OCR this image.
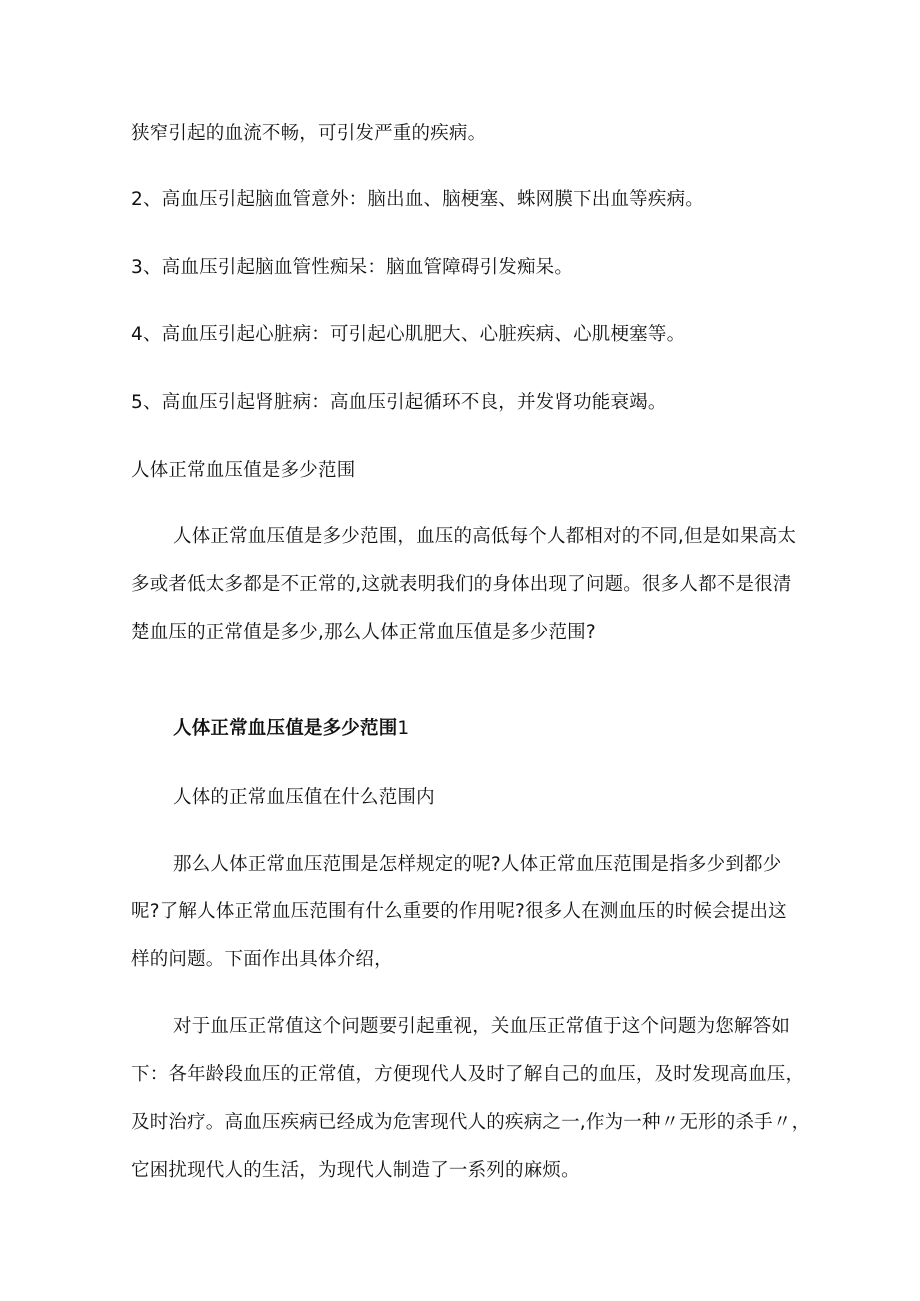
狭窄引起的血流不畅，可引发严重的疾病。
2、高血压引起脑血管意外：脑出血、脑梗塞、蛛网膜下出血等疾病。
3、高血压引起脑血管性痴呆：脑血管障碍引发痴呆。
4、高血压引起心脏病：可引起心肌肥大、心脏疾病、心肌梗塞等。
5、高血压引起肾脏病：高血压引起循环不良，并发肾功能衰竭。
人体正常血压值是多少范围
人体正常血压值是多少范围，血压的高低每个人都相对的不同,但是如果高太
多或者低太多都是不正常的,这就表明我们的身体出现了问题。很多人都不是很清
楚血压的正常值是多少,那么人体正常血压值是多少范围?
人体正常血压值是多少范围1
人体的正常血压值在什么范围内
那么人体正常血压范围是怎样规定的呢?人体正常血压范围是指多少到都少
呢?了解人体正常血压范围有什么重要的作用呢?很多人在测血压的时候会提出这
样的问题。下面作出具体介绍，
对于血压正常值这个问题要引起重视，关血压正常值于这个问题为您解答如
下：各年龄段血压的正常值，方便现代人及时了解自己的血压，及时发现高血压，
及时治疗。高血压疾病已经成为危害现代人的疾病之一,作为一种〃无形的杀手〃，
它困扰现代人的生活，为现代人制造了一系列的麻烦。
